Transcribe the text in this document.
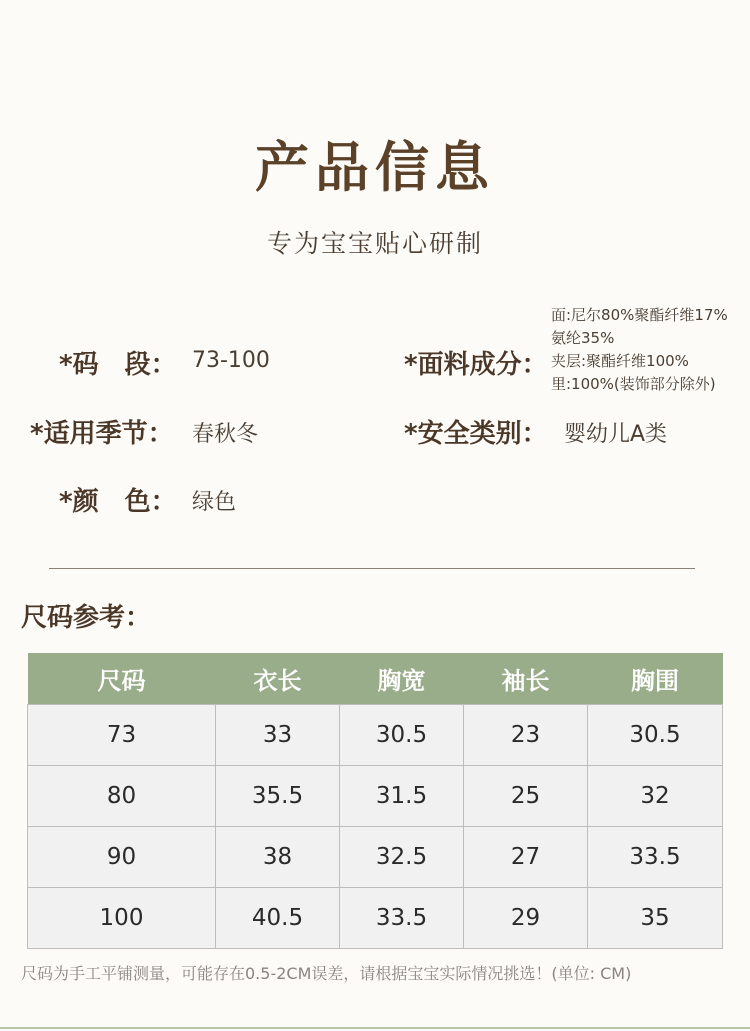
产品信息
专为宝宝贴心研制
*码　段： 73-100
*适用季节： 春秋冬
*颜　色： 绿色
*面料成分：
面:尼尔80%聚酯纤维17%
氨纶35%
夹层:聚酯纤维100%
里:100%(装饰部分除外)
*安全类别： 婴幼儿A类
尺码参考：
尺码	衣长	胸宽	袖长	胸围
73	33	30.5	23	30.5
80	35.5	31.5	25	32
90	38	32.5	27	33.5
100	40.5	33.5	29	35
尺码为手工平铺测量，可能存在0.5-2CM误差，请根据宝宝实际情况挑选！(单位: CM)
